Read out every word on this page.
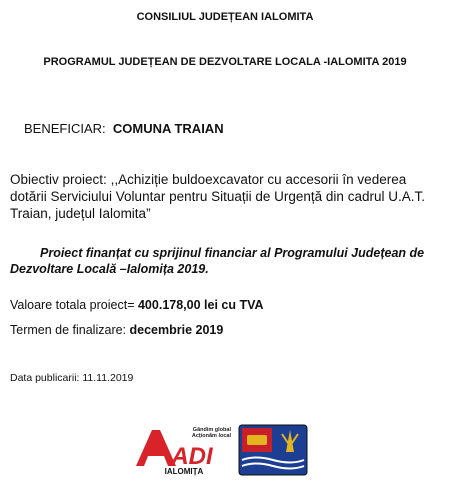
CONSILIUL JUDEȚEAN IALOMITA
PROGRAMUL JUDEȚEAN DE DEZVOLTARE LOCALA -IALOMITA 2019
BENEFICIAR: COMUNA TRAIAN
Obiectiv proiect: ,,Achiziție buldoexcavator cu accesorii în vederea dotării Serviciului Voluntar pentru Situații de Urgență din cadrul U.A.T. Traian, județul Ialomita”
Proiect finanțat cu sprijinul financiar al Programului Județean de Dezvoltare Locală –Ialomița 2019.
Valoare totala proiect= 400.178,00 lei cu TVA
Termen de finalizare: decembrie 2019
Data publicarii: 11.11.2019
Gândim global
Acționăm local
ADI
IALOMIȚA
